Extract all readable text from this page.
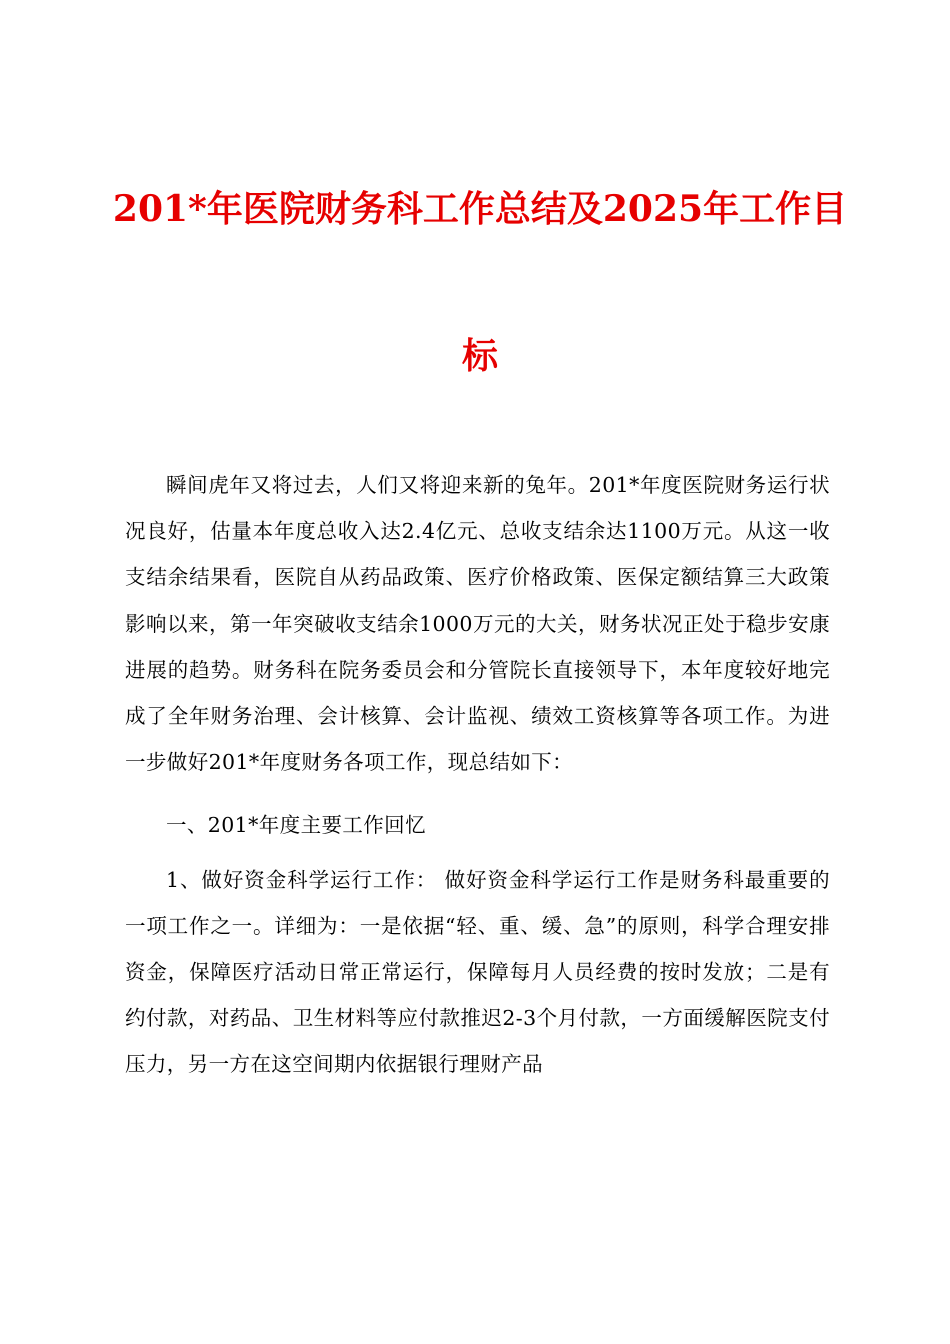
201*年医院财务科工作总结及2025年工作目
标

瞬间虎年又将过去，人们又将迎来新的兔年。201*年度医院财务运行状况良好，估量本年度总收入达2.4亿元、总收支结余达1100万元。从这一收支结余结果看，医院自从药品政策、医疗价格政策、医保定额结算三大政策影响以来，第一年突破收支结余1000万元的大关，财务状况正处于稳步安康进展的趋势。财务科在院务委员会和分管院长直接领导下，本年度较好地完成了全年财务治理、会计核算、会计监视、绩效工资核算等各项工作。为进一步做好201*年度财务各项工作，现总结如下：

一、201*年度主要工作回忆

1、做好资金科学运行工作： 做好资金科学运行工作是财务科最重要的一项工作之一。详细为：一是依据“轻、重、缓、急”的原则，科学合理安排资金，保障医疗活动日常正常运行，保障每月人员经费的按时发放；二是有约付款，对药品、卫生材料等应付款推迟2-3个月付款，一方面缓解医院支付压力，另一方在这空间期内依据银行理财产品
